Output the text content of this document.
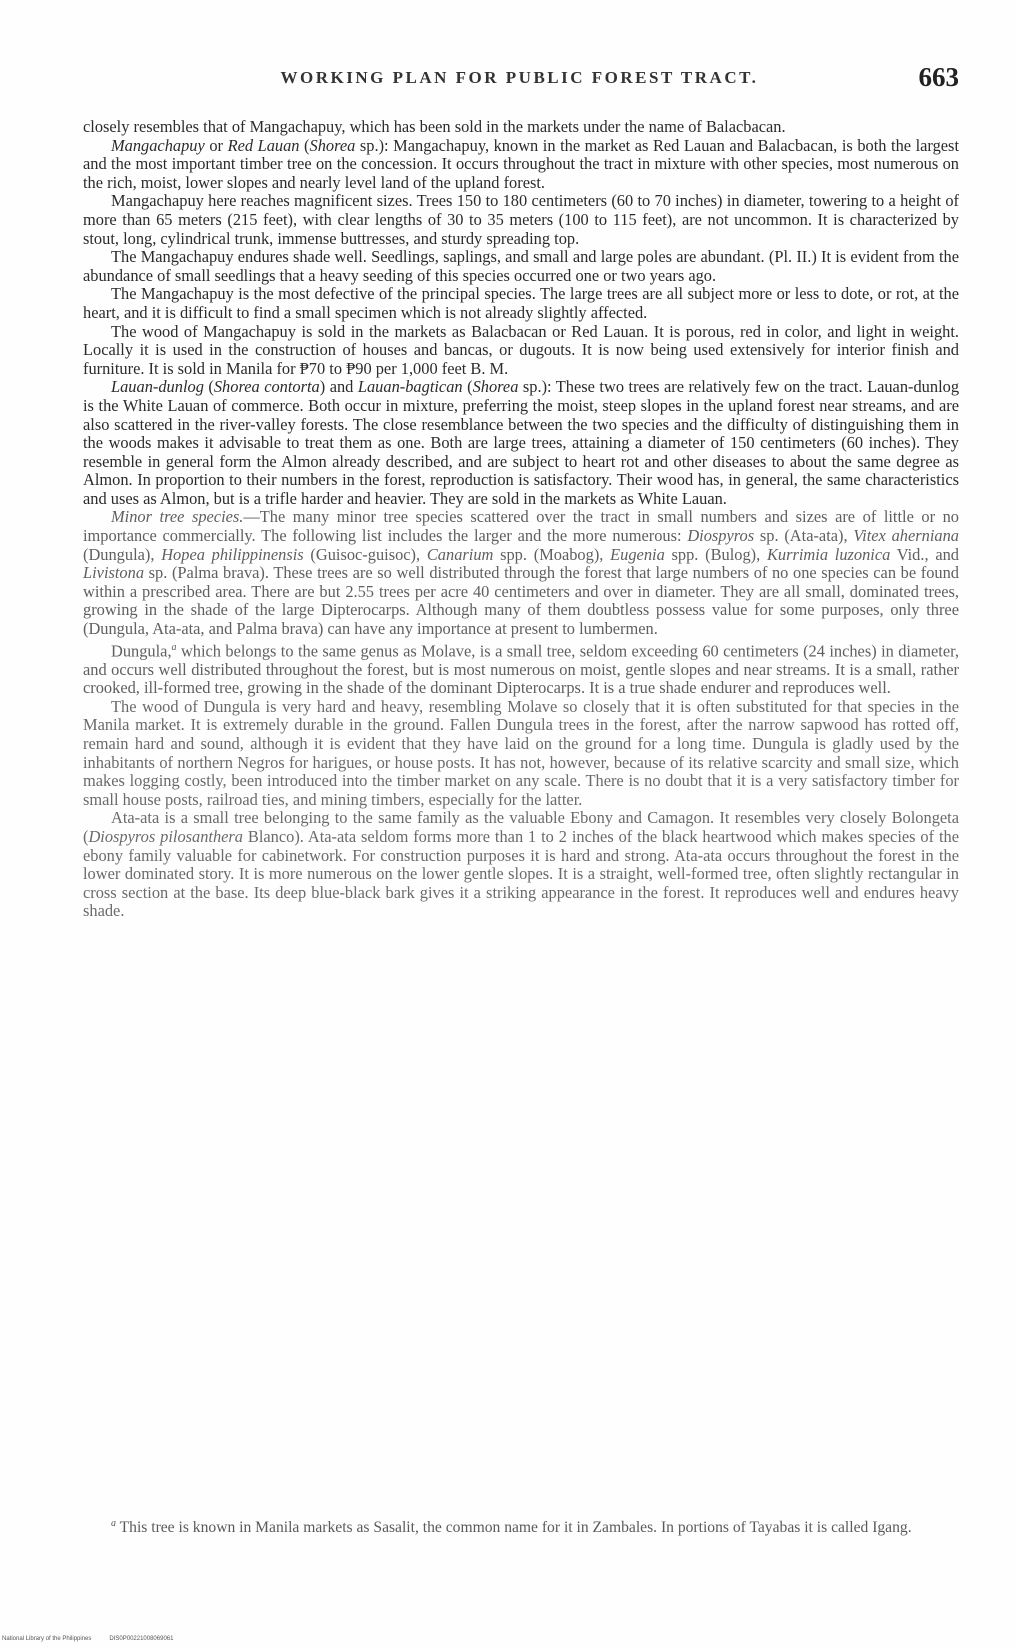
WORKING PLAN FOR PUBLIC FOREST TRACT.	663

closely resembles that of Mangachapuy, which has been sold in the markets under the name of Balacbacan.

Mangachapuy or Red Lauan (Shorea sp.): Mangachapuy, known in the market as Red Lauan and Balacbacan, is both the largest and the most important timber tree on the concession. It occurs throughout the tract in mixture with other species, most numerous on the rich, moist, lower slopes and nearly level land of the upland forest.

Mangachapuy here reaches magnificent sizes. Trees 150 to 180 centimeters (60 to 70 inches) in diameter, towering to a height of more than 65 meters (215 feet), with clear lengths of 30 to 35 meters (100 to 115 feet), are not uncommon. It is characterized by stout, long, cylindrical trunk, immense buttresses, and sturdy spreading top.

The Mangachapuy endures shade well. Seedlings, saplings, and small and large poles are abundant. (Pl. II.) It is evident from the abundance of small seedlings that a heavy seeding of this species occurred one or two years ago.

The Mangachapuy is the most defective of the principal species. The large trees are all subject more or less to dote, or rot, at the heart, and it is difficult to find a small specimen which is not already slightly affected.

The wood of Mangachapuy is sold in the markets as Balacbacan or Red Lauan. It is porous, red in color, and light in weight. Locally it is used in the construction of houses and bancas, or dugouts. It is now being used extensively for interior finish and furniture. It is sold in Manila for ₱70 to ₱90 per 1,000 feet B. M.

Lauan-dunlog (Shorea contorta) and Lauan-bagtican (Shorea sp.): These two trees are relatively few on the tract. Lauan-dunlog is the White Lauan of commerce. Both occur in mixture, preferring the moist, steep slopes in the upland forest near streams, and are also scattered in the river-valley forests. The close resemblance between the two species and the difficulty of distinguishing them in the woods makes it advisable to treat them as one. Both are large trees, attaining a diameter of 150 centimeters (60 inches). They resemble in general form the Almon already described, and are subject to heart rot and other diseases to about the same degree as Almon. In proportion to their numbers in the forest, reproduction is satisfactory. Their wood has, in general, the same characteristics and uses as Almon, but is a trifle harder and heavier. They are sold in the markets as White Lauan.

Minor tree species.—The many minor tree species scattered over the tract in small numbers and sizes are of little or no importance commercially. The following list includes the larger and the more numerous: Diospyros sp. (Ata-ata), Vitex aherniana (Dungula), Hopea philippinensis (Guisoc-guisoc), Canarium spp. (Moabog), Eugenia spp. (Bulog), Kurrimia luzonica Vid., and Livistona sp. (Palma brava). These trees are so well distributed through the forest that large numbers of no one species can be found within a prescribed area. There are but 2.55 trees per acre 40 centimeters and over in diameter. They are all small, dominated trees, growing in the shade of the large Dipterocarps. Although many of them doubtless possess value for some purposes, only three (Dungula, Ata-ata, and Palma brava) can have any importance at present to lumbermen.

Dungula,$^a$ which belongs to the same genus as Molave, is a small tree, seldom exceeding 60 centimeters (24 inches) in diameter, and occurs well distributed throughout the forest, but is most numerous on moist, gentle slopes and near streams. It is a small, rather crooked, ill-formed tree, growing in the shade of the dominant Dipterocarps. It is a true shade endurer and reproduces well.

The wood of Dungula is very hard and heavy, resembling Molave so closely that it is often substituted for that species in the Manila market. It is extremely durable in the ground. Fallen Dungula trees in the forest, after the narrow sapwood has rotted off, remain hard and sound, although it is evident that they have laid on the ground for a long time. Dungula is gladly used by the inhabitants of northern Negros for harigues, or house posts. It has not, however, because of its relative scarcity and small size, which makes logging costly, been introduced into the timber market on any scale. There is no doubt that it is a very satisfactory timber for small house posts, railroad ties, and mining timbers, especially for the latter.

Ata-ata is a small tree belonging to the same family as the valuable Ebony and Camagon. It resembles very closely Bolongeta (Diospyros pilosanthera Blanco). Ata-ata seldom forms more than 1 to 2 inches of the black heartwood which makes species of the ebony family valuable for cabinetwork. For construction purposes it is hard and strong. Ata-ata occurs throughout the forest in the lower dominated story. It is more numerous on the lower gentle slopes. It is a straight, well-formed tree, often slightly rectangular in cross section at the base. Its deep blue-black bark gives it a striking appearance in the forest. It reproduces well and endures heavy shade.

$^a$ This tree is known in Manila markets as Sasalit, the common name for it in Zambales. In portions of Tayabas it is called Igang.
National Library of the Philippines	DIS0P00221008069061
